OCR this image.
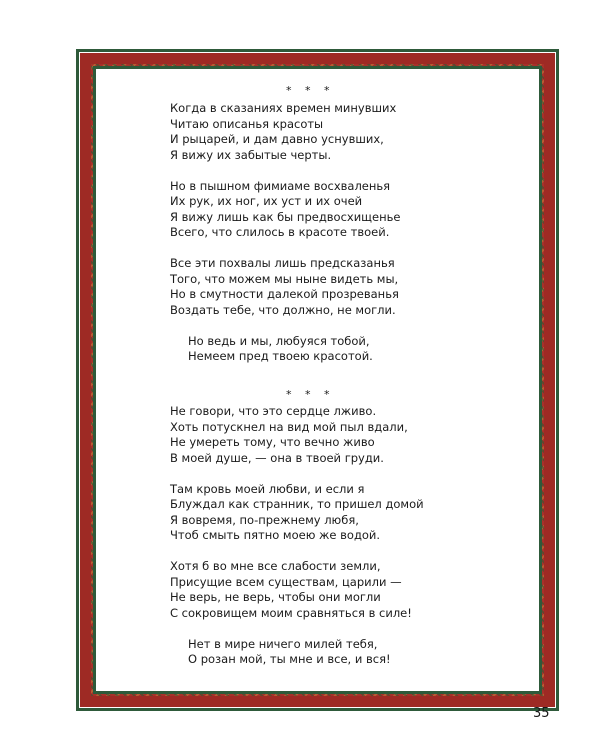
* * *
Когда в сказаниях времен минувших
Читаю описанья красоты
И рыцарей, и дам давно уснувших,
Я вижу их забытые черты.
Но в пышном фимиаме восхваленья
Их рук, их ног, их уст и их очей
Я вижу лишь как бы предвосхищенье
Всего, что слилось в красоте твоей.
Все эти похвалы лишь предсказанья
Того, что можем мы ныне видеть мы,
Но в смутности далекой прозреванья
Воздать тебе, что должно, не могли.
Но ведь и мы, любуяся тобой,
Немеем пред твоею красотой.
* * *
Не говори, что это сердце лживо.
Хоть потускнел на вид мой пыл вдали,
Не умереть тому, что вечно живо
В моей душе, — она в твоей груди.
Там кровь моей любви, и если я
Блуждал как странник, то пришел домой
Я вовремя, по-прежнему любя,
Чтоб смыть пятно моею же водой.
Хотя б во мне все слабости земли,
Присущие всем существам, царили —
Не верь, не верь, чтобы они могли
С сокровищем моим сравняться в силе!
Нет в мире ничего милей тебя,
О розан мой, ты мне и все, и вся!
35
